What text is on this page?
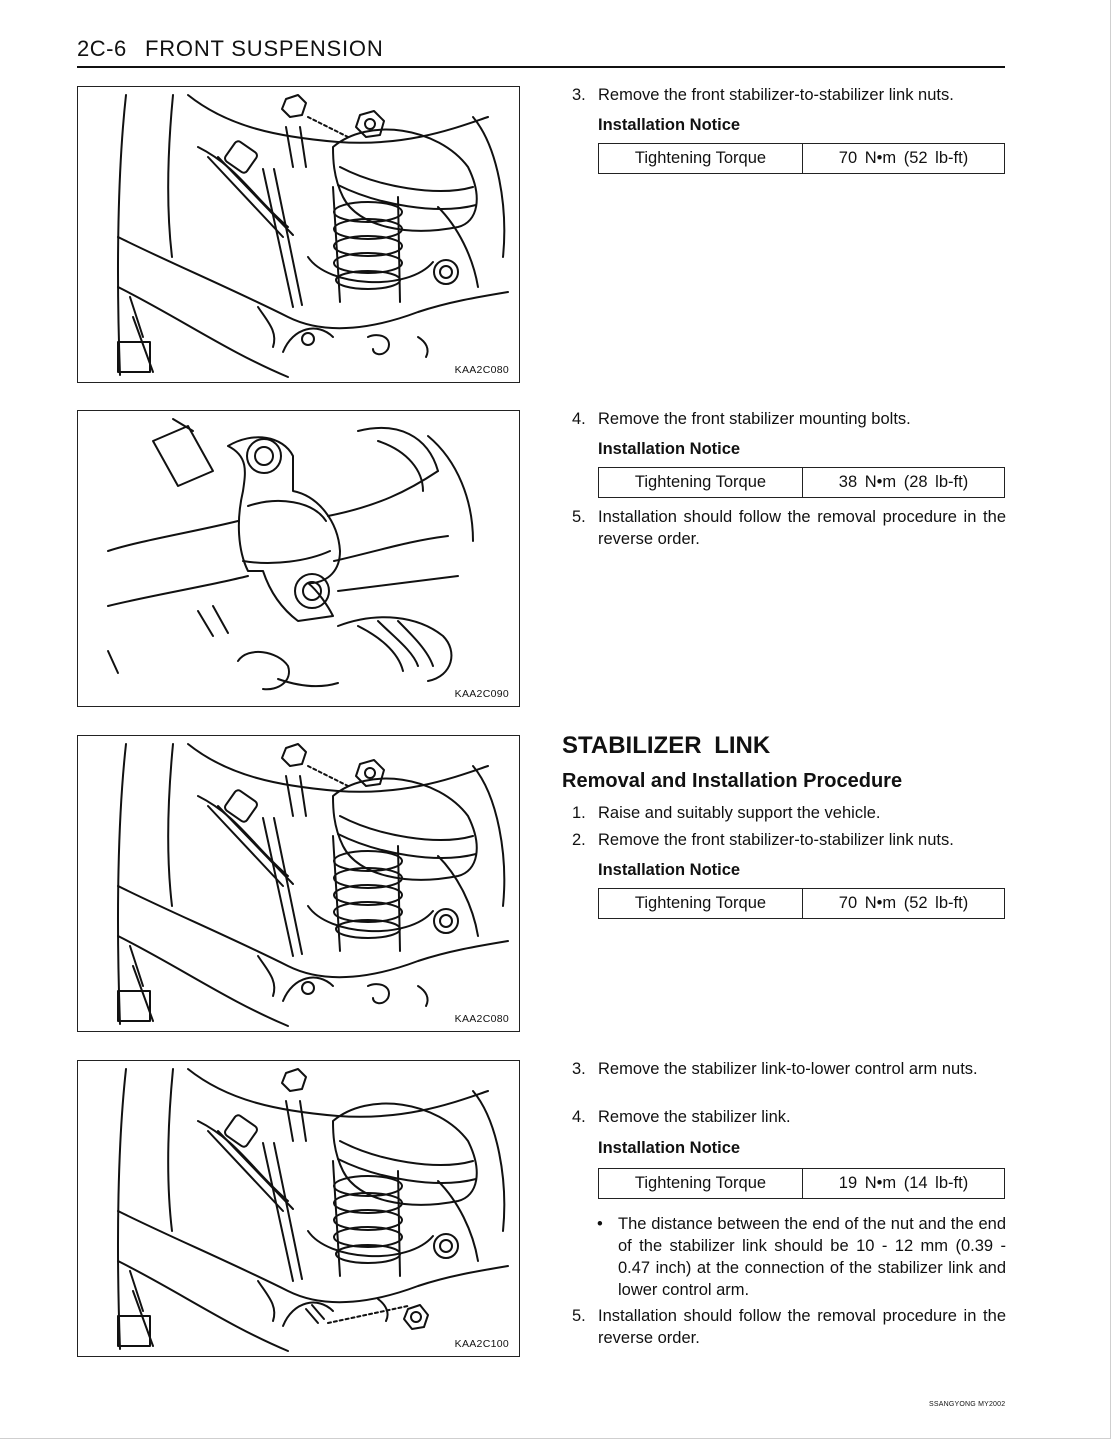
2C-6 FRONT SUSPENSION
KAA2C080
KAA2C090
KAA2C080
KAA2C100
3. Remove the front stabilizer-to-stabilizer link nuts.
Installation Notice
Tightening Torque	70 N•m (52 lb-ft)
4. Remove the front stabilizer mounting bolts.
Installation Notice
Tightening Torque	38 N•m (28 lb-ft)
5. Installation should follow the removal procedure in the reverse order.
STABILIZER LINK
Removal and Installation Procedure
1. Raise and suitably support the vehicle.
2. Remove the front stabilizer-to-stabilizer link nuts.
Installation Notice
Tightening Torque	70 N•m (52 lb-ft)
3. Remove the stabilizer link-to-lower control arm nuts.
4. Remove the stabilizer link.
Installation Notice
Tightening Torque	19 N•m (14 lb-ft)
• The distance between the end of the nut and the end of the stabilizer link should be 10 - 12 mm (0.39 - 0.47 inch) at the connection of the stabilizer link and lower control arm.
5. Installation should follow the removal procedure in the reverse order.
SSANGYONG MY2002
